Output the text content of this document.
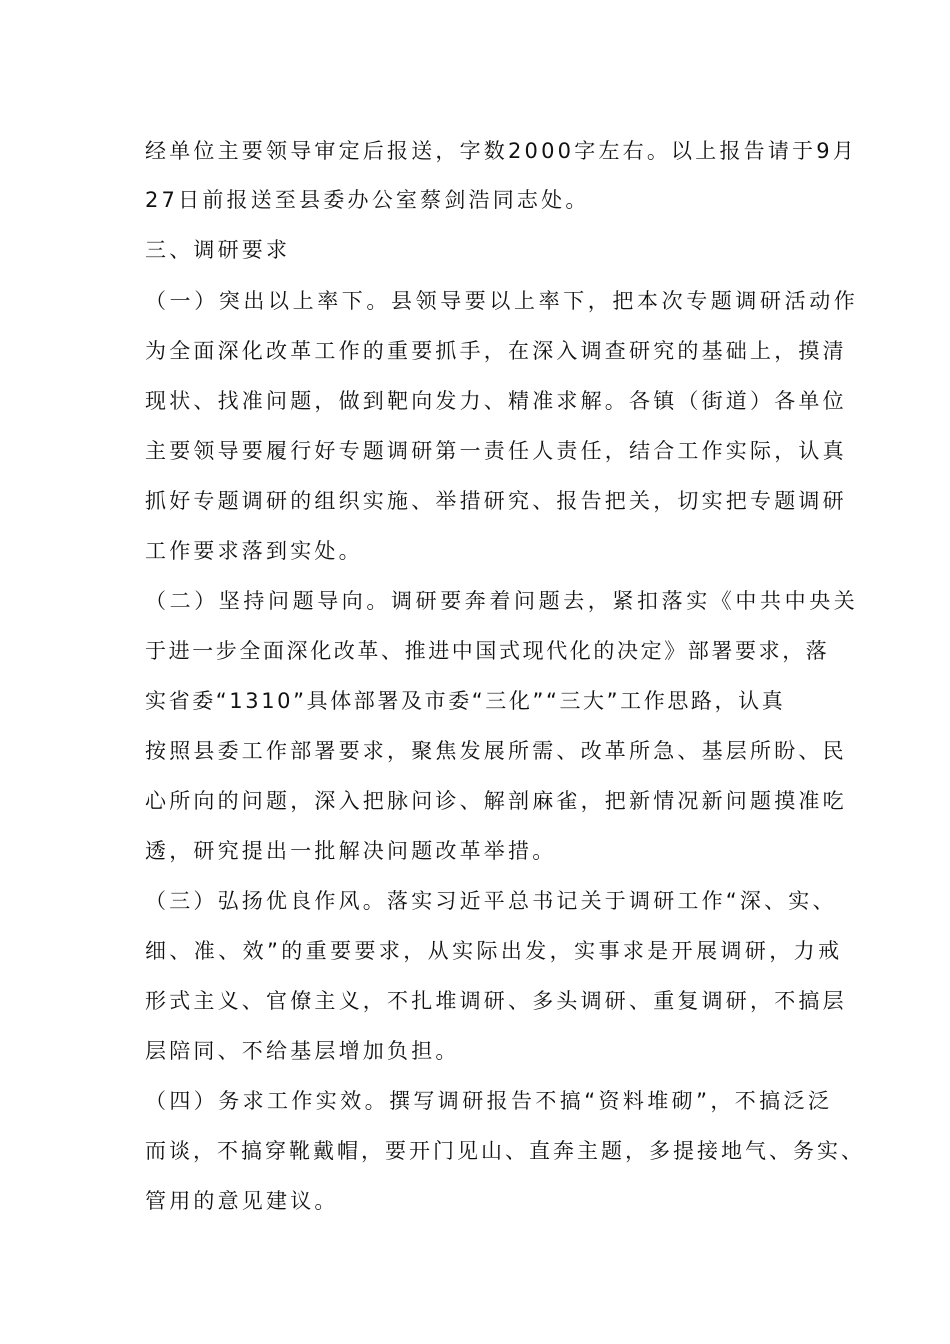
经单位主要领导审定后报送，字数2000字左右。以上报告请于9月

27日前报送至县委办公室蔡剑浩同志处。

三、调研要求

（一）突出以上率下。县领导要以上率下，把本次专题调研活动作

为全面深化改革工作的重要抓手，在深入调查研究的基础上，摸清

现状、找准问题，做到靶向发力、精准求解。各镇（街道）各单位

主要领导要履行好专题调研第一责任人责任，结合工作实际，认真

抓好专题调研的组织实施、举措研究、报告把关，切实把专题调研

工作要求落到实处。

（二）坚持问题导向。调研要奔着问题去，紧扣落实《中共中央关

于进一步全面深化改革、推进中国式现代化的决定》部署要求，落

实省委“1310”具体部署及市委“三化”“三大”工作思路，认真

按照县委工作部署要求，聚焦发展所需、改革所急、基层所盼、民

心所向的问题，深入把脉问诊、解剖麻雀，把新情况新问题摸准吃

透，研究提出一批解决问题改革举措。

（三）弘扬优良作风。落实习近平总书记关于调研工作“深、实、

细、准、效”的重要要求，从实际出发，实事求是开展调研，力戒

形式主义、官僚主义，不扎堆调研、多头调研、重复调研，不搞层

层陪同、不给基层增加负担。

（四）务求工作实效。撰写调研报告不搞“资料堆砌”，不搞泛泛

而谈，不搞穿靴戴帽，要开门见山、直奔主题，多提接地气、务实、

管用的意见建议。
